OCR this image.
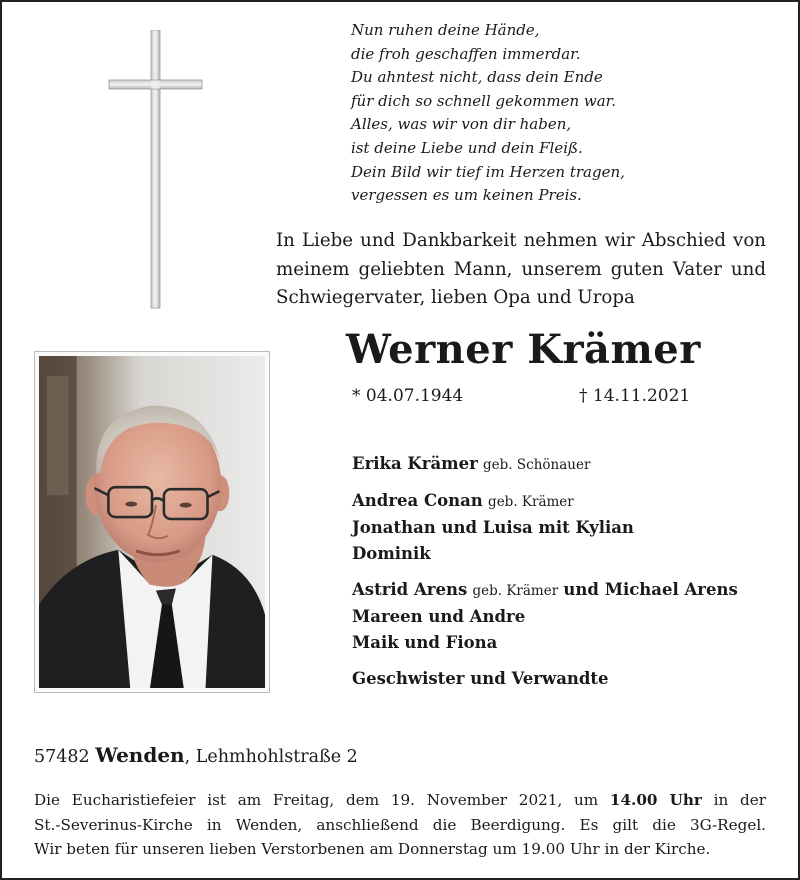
Nun ruhen deine Hände,
die froh geschaffen immerdar.
Du ahntest nicht, dass dein Ende
für dich so schnell gekommen war.
Alles, was wir von dir haben,
ist deine Liebe und dein Fleiß.
Dein Bild wir tief im Herzen tragen,
vergessen es um keinen Preis.
In Liebe und Dankbarkeit nehmen wir Abschied von
meinem geliebten Mann, unserem guten Vater und
Schwiegervater, lieben Opa und Uropa
Werner Krämer
* 04.07.1944	† 14.11.2021
Erika Krämer geb. Schönauer
Andrea Conan geb. Krämer
Jonathan und Luisa mit Kylian
Dominik
Astrid Arens geb. Krämer und Michael Arens
Mareen und Andre
Maik und Fiona
Geschwister und Verwandte
57482 Wenden, Lehmhohlstraße 2
Die Eucharistiefeier ist am Freitag, dem 19. November 2021, um 14.00 Uhr in der
St.-Severinus-Kirche in Wenden, anschließend die Beerdigung. Es gilt die 3G-Regel.
Wir beten für unseren lieben Verstorbenen am Donnerstag um 19.00 Uhr in der Kirche.
